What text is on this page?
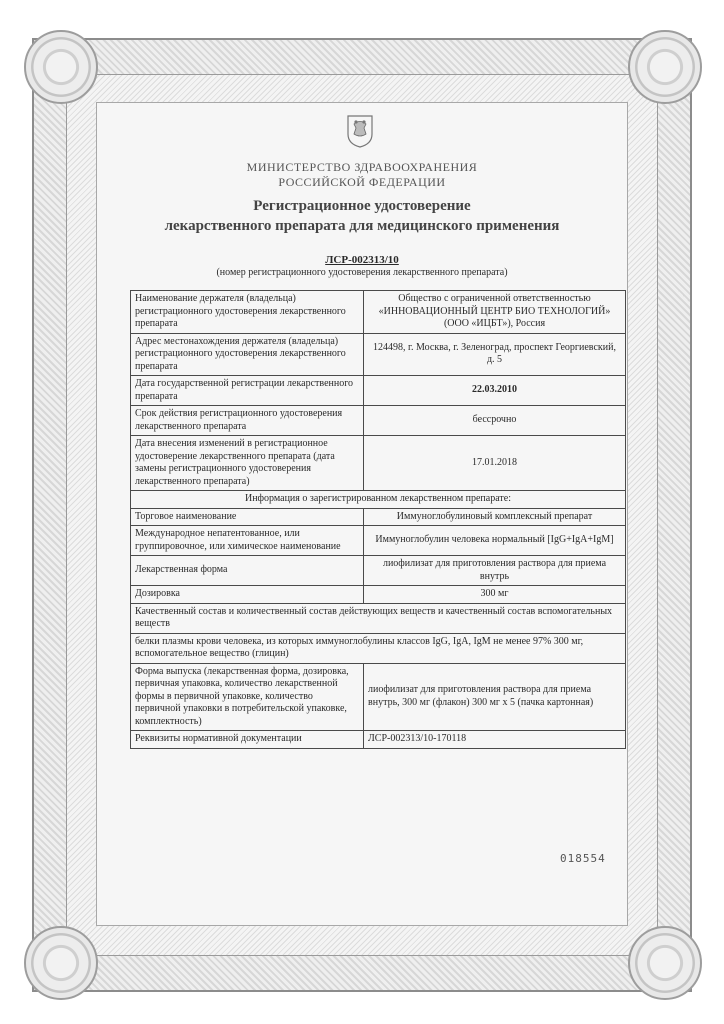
МИНИСТЕРСТВО ЗДРАВООХРАНЕНИЯ
РОССИЙСКОЙ ФЕДЕРАЦИИ
Регистрационное удостоверение
лекарственного препарата для медицинского применения
ЛСР-002313/10
(номер регистрационного удостоверения лекарственного препарата)
Наименование держателя (владельца) регистрационного удостоверения лекарственного препарата	Общество с ограниченной ответственностью «ИННОВАЦИОННЫЙ ЦЕНТР БИО ТЕХНОЛОГИЙ» (ООО «ИЦБТ»), Россия
Адрес местонахождения держателя (владельца) регистрационного удостоверения лекарственного препарата	124498, г. Москва, г. Зеленоград, проспект Георгиевский, д. 5
Дата государственной регистрации лекарственного препарата	22.03.2010
Срок действия регистрационного удостоверения лекарственного препарата	бессрочно
Дата внесения изменений в регистрационное удостоверение лекарственного препарата (дата замены регистрационного удостоверения лекарственного препарата)	17.01.2018
Информация о зарегистрированном лекарственном препарате:	
Торговое наименование	Иммуноглобулиновый комплексный препарат
Международное непатентованное, или группировочное, или химическое наименование	Иммуноглобулин человека нормальный [IgG+IgA+IgM]
Лекарственная форма	лиофилизат для приготовления раствора для приема внутрь
Дозировка	300 мг
Качественный состав и количественный состав действующих веществ и качественный состав вспомогательных веществ	
белки плазмы крови человека, из которых иммуноглобулины классов IgG, IgA, IgM не менее 97% 300 мг, вспомогательное вещество (глицин)	
Форма выпуска (лекарственная форма, дозировка, первичная упаковка, количество лекарственной формы в первичной упаковке, количество первичной упаковки в потребительской упаковке, комплектность)	лиофилизат для приготовления раствора для приема внутрь, 300 мг (флакон) 300 мг х 5 (пачка картонная)
Реквизиты нормативной документации	ЛСР-002313/10-170118
018554
